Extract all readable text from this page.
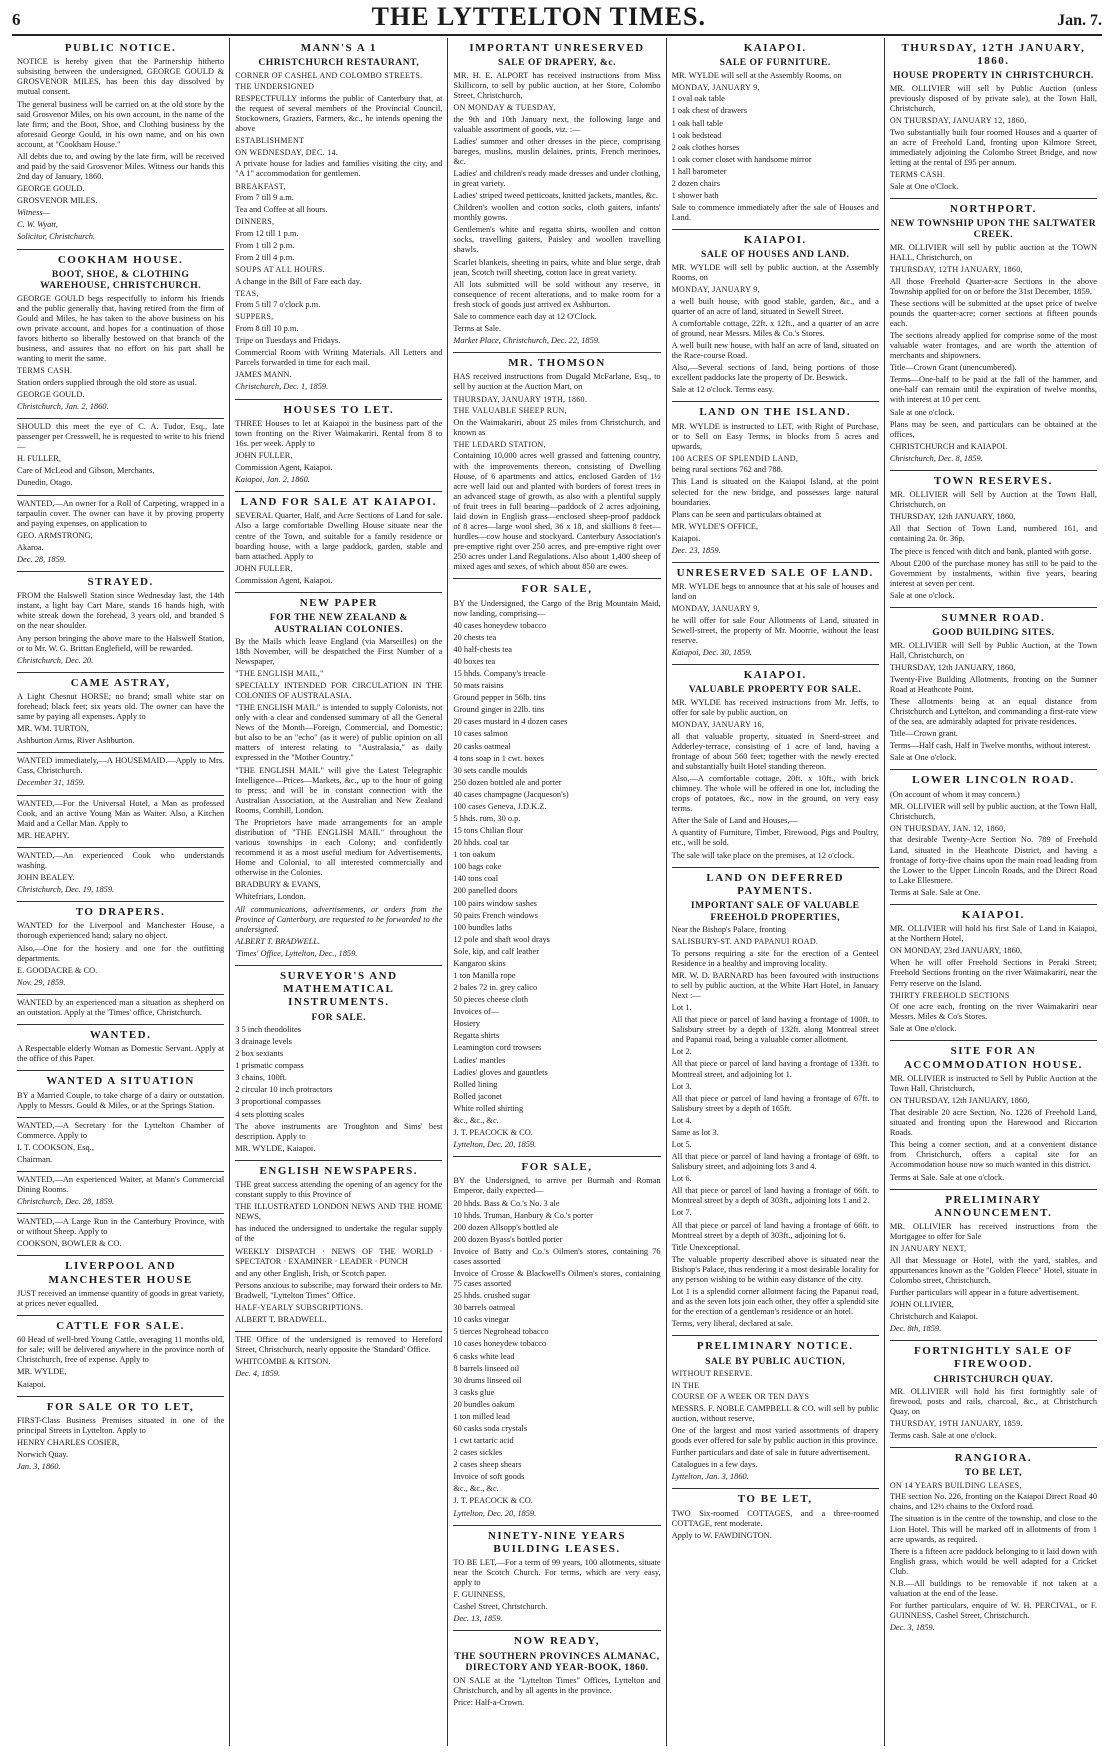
6	THE LYTTELTON TIMES.	Jan. 7.
PUBLIC NOTICE.

NOTICE is hereby given that the Partnership hitherto subsisting between the undersigned, GEORGE GOULD & GROSVENOR MILES, has been this day dissolved by mutual consent.

The general business will be carried on at the old store by the said Grosvenor Miles, on his own account, in the name of the late firm; and the Boot, Shoe, and Clothing business by the aforesaid George Gould, in his own name, and on his own account, at "Cookham House."

All debts due to, and owing by the late firm, will be received and paid by the said Grosvenor Miles. Witness our hands this 2nd day of January, 1860.

GEORGE GOULD.

GROSVENOR MILES.

Witness—

C. W. Wyatt,

Solicitor, Christchurch.

COOKHAM HOUSE.
BOOT, SHOE, & CLOTHING WAREHOUSE, CHRISTCHURCH.

GEORGE GOULD begs respectfully to inform his friends and the public generally that, having retired from the firm of Gould and Miles, he has taken to the above business on his own private account, and hopes for a continuation of those favors hitherto so liberally bestowed on that branch of the business, and assures that no effort on his part shall be wanting to merit the same.

TERMS CASH.

Station orders supplied through the old store as usual.

GEORGE GOULD.

Christchurch, Jan. 2, 1860.

SHOULD this meet the eye of C. A. Tudor, Esq., late passenger per Cresswell, he is requested to write to his friend—

H. FULLER,

Care of McLeod and Gibson, Merchants,

Dunedin, Otago.

WANTED,—An owner for a Roll of Carpeting, wrapped in a tarpaulin cover. The owner can have it by proving property and paying expenses, on application to

GEO. ARMSTRONG,

Akaroa.

Dec. 28, 1859.

STRAYED.

FROM the Halswell Station since Wednesday last, the 14th instant, a light bay Cart Mare, stands 16 hands high, with white streak down the forehead, 3 years old, and branded S on the near shoulder.

Any person bringing the above mare to the Halswell Station, or to Mr. W. G. Brittan Englefield, will be rewarded.

Christchurch, Dec. 20.

CAME ASTRAY,

A Light Chesnut HORSE; no brand; small white star on forehead; black feet; six years old. The owner can have the same by paying all expenses. Apply to

MR. WM. TURTON,

Ashburton Arms, River Ashburton.

WANTED immediately,—A HOUSEMAID.—Apply to Mrs. Cass, Christchurch.

December 31, 1859.

WANTED,—For the Universal Hotel, a Man as professed Cook, and an active Young Man as Waiter. Also, a Kitchen Maid and a Cellar Man. Apply to

MR. HEAPHY.

WANTED,—An experienced Cook who understands washing.

JOHN BEALEY.

Christchurch, Dec. 19, 1859.

TO DRAPERS.

WANTED for the Liverpool and Manchester House, a thorough experienced hand; salary no object.

Also,—One for the hosiery and one for the outfitting departments.

E. GOODACRE & CO.

Nov. 29, 1859.

WANTED by an experienced man a situation as shepherd on an outstation. Apply at the 'Times' office, Christchurch.

WANTED.

A Respectable elderly Woman as Domestic Servant. Apply at the office of this Paper.

WANTED A SITUATION

BY a Married Couple, to take charge of a dairy or outstation. Apply to Messrs. Gould & Miles, or at the Springs Station.

WANTED,—A Secretary for the Lyttelton Chamber of Commerce. Apply to

I. T. COOKSON, Esq.,

Chairman.

WANTED,—An experienced Waiter, at Mann's Commercial Dining Rooms.

Christchurch, Dec. 28, 1859.

WANTED,—A Large Run in the Canterbury Province, with or without Sheep. Apply to

COOKSON, BOWLER & CO.

LIVERPOOL AND MANCHESTER HOUSE

JUST received an immense quantity of goods in great variety, at prices never equalled.

CATTLE FOR SALE.

60 Head of well-bred Young Cattle, averaging 11 months old, for sale; will be delivered anywhere in the province north of Christchurch, free of expense. Apply to

MR. WYLDE,

Kaiapoi.

FOR SALE OR TO LET,

FIRST-Class Business Premises situated in one of the principal Streets in Lyttelton. Apply to

HENRY CHARLES COSIER,

Norwich Quay.

Jan. 3, 1860.

MANN'S A 1
CHRISTCHURCH RESTAURANT,

CORNER OF CASHEL AND COLOMBO STREETS.

THE UNDERSIGNED

RESPECTFULLY informs the public of Canterbury that, at the request of several members of the Provincial Council, Stockowners, Graziers, Farmers, &c., he intends opening the above

ESTABLISHMENT

ON WEDNESDAY, DEC. 14.

A private house for ladies and families visiting the city, and "A 1" accommodation for gentlemen.

BREAKFAST,

From 7 till 9 a.m.

Tea and Coffee at all hours.

DINNERS,

From 12 till 1 p.m.

From 1 till 2 p.m.

From 2 till 4 p.m.

SOUPS AT ALL HOURS.

A change in the Bill of Fare each day.

TEAS,

From 5 till 7 o'clock p.m.

SUPPERS,

From 8 till 10 p.m.

Tripe on Tuesdays and Fridays.

Commercial Room with Writing Materials. All Letters and Parcels forwarded in time for each mail.

JAMES MANN.

Christchurch, Dec. 1, 1859.

HOUSES TO LET.

THREE Houses to let at Kaiapoi in the business part of the town fronting on the River Waimakariri. Rental from 8 to 16s. per week. Apply to

JOHN FULLER,

Commission Agent, Kaiapoi.

Kaiapoi, Jan. 2, 1860.

LAND FOR SALE AT KAIAPOI.

SEVERAL Quarter, Half, and Acre Sections of Land for sale. Also a large comfortable Dwelling House situate near the centre of the Town, and suitable for a family residence or boarding house, with a large paddock, garden, stable and barn attached. Apply to

JOHN FULLER,

Commission Agent, Kaiapoi.

NEW PAPER
FOR THE NEW ZEALAND & AUSTRALIAN COLONIES.

By the Mails which leave England (via Marseilles) on the 18th November, will be despatched the First Number of a Newspaper,

"THE ENGLISH MAIL,"

SPECIALLY INTENDED FOR CIRCULATION IN THE COLONIES OF AUSTRALASIA.

"THE ENGLISH MAIL" is intended to supply Colonists, not only with a clear and condensed summary of all the General News of the Month—Foreign, Commercial, and Domestic; but also to be an "echo" (as it were) of public opinion on all matters of interest relating to "Australasia," as daily expressed in the "Mother Country."

"THE ENGLISH MAIL" will give the Latest Telegraphic Intelligence—Prices—Markets, &c., up to the hour of going to press; and will be in constant connection with the Australian Association, at the Australian and New Zealand Rooms, Cornhill, London.

The Proprietors have made arrangements for an ample distribution of "THE ENGLISH MAIL" throughout the various townships in each Colony; and confidently recommend it as a most useful medium for Advertisements, Home and Colonial, to all interested commercially and otherwise in the Colonies.

BRADBURY & EVANS,

Whitefriars, London.

All communications, advertisements, or orders from the Province of Canterbury, are requested to be forwarded to the undersigned.

ALBERT T. BRADWELL.

'Times' Office, Lyttelton, Dec., 1859.

SURVEYOR'S AND MATHEMATICAL INSTRUMENTS.
FOR SALE.

3 5 inch theodolites

3 drainage levels

2 box sextants

1 prismatic compass

3 chains, 100ft.

2 circular 10 inch protractors

3 proportional compasses

4 sets plotting scales

The above instruments are Troughton and Sims' best description. Apply to

MR. WYLDE, Kaiapoi.

ENGLISH NEWSPAPERS.

THE great success attending the opening of an agency for the constant supply to this Province of

THE ILLUSTRATED LONDON NEWS AND THE HOME NEWS,

has induced the undersigned to undertake the regular supply of the

WEEKLY DISPATCH · NEWS OF THE WORLD · SPECTATOR · EXAMINER · LEADER · PUNCH

and any other English, Irish, or Scotch paper.

Persons anxious to subscribe, may forward their orders to Mr. Bradwell, "Lyttelton Times" Office.

HALF-YEARLY SUBSCRIPTIONS.

ALBERT T. BRADWELL.

THE Office of the undersigned is removed to Hereford Street, Christchurch, nearly opposite the 'Standard' Office.

WHITCOMBE & KITSON.

Dec. 4, 1859.

IMPORTANT UNRESERVED
SALE OF DRAPERY, &c.

MR. H. E. ALPORT has received instructions from Miss Skillicorn, to sell by public auction, at her Store, Colombo Street, Christchurch,

ON MONDAY & TUESDAY,

the 9th and 10th January next, the following large and valuable assortment of goods, viz. :—

Ladies' summer and other dresses in the piece, comprising bareges, muslins, muslin delaines, prints, French merinoes, &c.

Ladies' and children's ready made dresses and under clothing, in great variety.

Ladies' striped tweed petticoats, knitted jackets, mantles, &c.

Children's woollen and cotton socks, cloth gaiters, infants' monthly gowns.

Gentlemen's white and regatta shirts, woollen and cotton socks, travelling gaiters, Paisley and woollen travelling shawls.

Scarlet blankets, sheeting in pairs, white and blue serge, drab jean, Scotch twill sheeting, cotton lace in great variety.

All lots submitted will be sold without any reserve, in consequence of recent alterations, and to make room for a fresh stock of goods just arrived ex Ashburton.

Sale to commence each day at 12 O'Clock.

Terms at Sale.

Market Place, Christchurch, Dec. 22, 1859.

MR. THOMSON

HAS received instructions from Dugald McFarlane, Esq., to sell by auction at the Auction Mart, on

THURSDAY, JANUARY 19TH, 1860.

THE VALUABLE SHEEP RUN,

On the Waimakariri, about 25 miles from Christchurch, and known as

THE LEDARD STATION,

Containing 10,000 acres well grassed and fattening country, with the improvements thereon, consisting of Dwelling House, of 6 apartments and attics, enclosed Garden of 1½ acre well laid out and planted with borders of forest trees in an advanced stage of growth, as also with a plentiful supply of fruit trees in full bearing—paddock of 2 acres adjoining, laid down in English grass—enclosed sheep-proof paddock of 8 acres—large wool shed, 36 x 18, and skillions 8 feet—hurdles—cow house and stockyard. Canterbury Association's pre-emptive right over 250 acres, and pre-emptive right over 250 acres under Land Regulations. Also about 1,400 sheep of mixed ages and sexes, of which about 850 are ewes.

FOR SALE,

BY the Undersigned, the Cargo of the Brig Mountain Maid, now landing, comprising—

40 cases honeydew tobacco

20 chests tea

40 half-chests tea

40 boxes tea

15 hhds. Company's treacle

50 mats raisins

Ground pepper in 56lb. tins

Ground ginger in 22lb. tins

20 cases mustard in 4 dozen cases

10 cases salmon

20 casks oatmeal

4 tons soap in 1 cwt. boxes

30 sets candle moulds

250 dozen bottled ale and porter

40 cases champagne (Jacqueson's)

100 cases Geneva, J.D.K.Z.

5 hhds. rum, 30 o.p.

15 tons Chilian flour

20 hhds. coal tar

1 ton oakum

100 bags coke

140 tons coal

200 panelled doors

100 pairs window sashes

50 pairs French windows

100 bundles laths

12 pole and shaft wool drays

Sole, kip, and calf leather

Kangaroo skins

1 ton Manilla rope

2 bales 72 in. grey calico

50 pieces cheese cloth

Invoices of—

Hosiery

Regatta shirts

Leamington cord trowsers

Ladies' mantles

Ladies' gloves and gauntlets

Rolled lining

Rolled jaconet

White rolled shirting

&c., &c., &c.

J. T. PEACOCK & CO.

Lyttelton, Dec. 20, 1859.

FOR SALE,

BY the Undersigned, to arrive per Burmah and Roman Emperor, daily expected—

20 hhds. Bass & Co.'s No. 3 ale

10 hhds. Truman, Hanbury & Co.'s porter

200 dozen Allsopp's bottled ale

200 dozen Byass's bottled porter

Invoice of Batty and Co.'s Oilmen's stores, containing 76 cases assorted

Invoice of Crosse & Blackwell's Oilmen's stores, containing 75 cases assorted

25 hhds. crushed sugar

30 barrels oatmeal

10 casks vinegar

5 tierces Negrohead tobacco

10 cases honeydew tobacco

6 casks white lead

8 barrels linseed oil

30 drums linseed oil

3 casks glue

20 bundles oakum

1 ton milled lead

60 casks soda crystals

1 cwt tartaric acid

2 cases sickles

2 cases sheep shears

Invoice of soft goods

&c., &c., &c.

J. T. PEACOCK & CO.

Lyttelton, Dec. 20, 1859.

NINETY-NINE YEARS BUILDING LEASES.

TO BE LET,—For a term of 99 years, 100 allotments, situate near the Scotch Church. For terms, which are very easy, apply to

F. GUINNESS,

Cashel Street, Christchurch.

Dec. 13, 1859.

NOW READY,
THE SOUTHERN PROVINCES ALMANAC, DIRECTORY AND YEAR-BOOK, 1860.

ON SALE at the "Lyttelton Times" Offices, Lyttelton and Christchurch, and by all agents in the province.

Price: Half-a-Crown.

KAIAPOI.
SALE OF FURNITURE.

MR. WYLDE will sell at the Assembly Rooms, on

MONDAY, JANUARY 9,

1 oval oak table

1 oak chest of drawers

1 oak hall table

1 oak bedstead

2 oak clothes horses

1 oak corner closet with handsome mirror

1 hall barometer

2 dozen chairs

1 shower bath

Sale to commence immediately after the sale of Houses and Land.

KAIAPOI.
SALE OF HOUSES AND LAND.

MR. WYLDE will sell by public auction, at the Assembly Rooms, on

MONDAY, JANUARY 9,

a well built house, with good stable, garden, &c., and a quarter of an acre of land, situated in Sewell Street.

A comfortable cottage, 22ft. x 12ft., and a quarter of an acre of ground, near Messrs. Miles & Co.'s Stores.

A well built new house, with half an acre of land, situated on the Race-course Road.

Also,—Several sections of land, being portions of those excellent paddocks late the property of Dr. Beswick.

Sale at 12 o'clock. Terms easy.

LAND ON THE ISLAND.

MR. WYLDE is instructed to LET, with Right of Purchase, or to Sell on Easy Terms, in blocks from 5 acres and upwards,

100 ACRES OF SPLENDID LAND,

being rural sections 762 and 788.

This Land is situated on the Kaiapoi Island, at the point selected for the new bridge, and possesses large natural boundaries.

Plans can be seen and particulars obtained at

MR. WYLDE'S OFFICE,

Kaiapoi.

Dec. 23, 1859.

UNRESERVED SALE OF LAND.

MR. WYLDE begs to announce that at his sale of houses and land on

MONDAY, JANUARY 9,

he will offer for sale Four Allotments of Land, situated in Sewell-street, the property of Mr. Moorrie, without the least reserve.

Kaiapoi, Dec. 30, 1859.

KAIAPOI.
VALUABLE PROPERTY FOR SALE.

MR. WYLDE has received instructions from Mr. Jeffs, to offer for sale by public auction, on

MONDAY, JANUARY 16,

all that valuable property, situated in Snerd-street and Adderley-terrace, consisting of 1 acre of land, having a frontage of about 560 feet; together with the newly erected and substantially built Hotel standing thereon.

Also,—A comfortable cottage, 20ft. x 10ft., with brick chimney. The whole will be offered in one lot, including the crops of potatoes, &c., now in the ground, on very easy terms.

After the Sale of Land and Houses,—

A quantity of Furniture, Timber, Firewood, Pigs and Poultry, etc., will be sold.

The sale will take place on the premises, at 12 o'clock.

LAND ON DEFERRED PAYMENTS.
IMPORTANT SALE OF VALUABLE FREEHOLD PROPERTIES,

Near the Bishop's Palace, fronting

SALISBURY-ST. AND PAPANUI ROAD.

To persons requiring a site for the erection of a Genteel Residence in a healthy and improving locality.

MR. W. D. BARNARD has been favoured with instructions to sell by public auction, at the White Hart Hotel, in January Next :—

Lot 1.

All that piece or parcel of land having a frontage of 100ft. to Salisbury street by a depth of 132ft. along Montreal street and Papanui road, being a valuable corner allotment.

Lot 2.

All that piece or parcel of land having a frontage of 133ft. to Montreal street, and adjoining lot 1.

Lot 3.

All that piece or parcel of land having a frontage of 67ft. to Salisbury street by a depth of 165ft.

Lot 4.

Same as lot 3.

Lot 5.

All that piece or parcel of land having a frontage of 69ft. to Salisbury street, and adjoining lots 3 and 4.

Lot 6.

All that piece or parcel of land having a frontage of 66ft. to Montreal street by a depth of 303ft., adjoining lots 1 and 2.

Lot 7.

All that piece or parcel of land having a frontage of 66ft. to Montreal street by a depth of 303ft., adjoining lot 6.

Title Unexceptional.

The valuable property described above is situated near the Bishop's Palace, thus rendering it a most desirable locality for any person wishing to be within easy distance of the city.

Lot 1 is a splendid corner allotment facing the Papanui road, and as the seven lots join each other, they offer a splendid site for the erection of a gentleman's residence or an hotel.

Terms, very liberal, declared at sale.

PRELIMINARY NOTICE.
SALE BY PUBLIC AUCTION,

WITHOUT RESERVE.

IN THE

COURSE OF A WEEK OR TEN DAYS

MESSRS. F. NOBLE CAMPBELL & CO. will sell by public auction, without reserve,

One of the largest and most varied assortments of drapery goods ever offered for sale by public auction in this province.

Further particulars and date of sale in future advertisement.

Catalogues in a few days.

Lyttelton, Jan. 3, 1860.

TO BE LET,

TWO Six-roomed COTTAGES, and a three-roomed COTTAGE, rent moderate.

Apply to W. FAWDINGTON.

THURSDAY, 12TH JANUARY, 1860.
HOUSE PROPERTY IN CHRISTCHURCH.

MR. OLLIVIER will sell by Public Auction (unless previously disposed of by private sale), at the Town Hall, Christchurch,

ON THURSDAY, JANUARY 12, 1860,

Two substantially built four roomed Houses and a quarter of an acre of Freehold Land, fronting upon Kilmore Street, immediately adjoining the Colombo Street Bridge, and now letting at the rental of £95 per annum.

TERMS CASH.

Sale at One o'Clock.

NORTHPORT.
NEW TOWNSHIP UPON THE SALTWATER CREEK.

MR. OLLIVIER will sell by public auction at the TOWN HALL, Christchurch, on

THURSDAY, 12TH JANUARY, 1860,

All those Freehold Quarter-acre Sections in the above Township applied for on or before the 31st December, 1859.

These sections will be submitted at the upset price of twelve pounds the quarter-acre; corner sections at fifteen pounds each.

The sections already applied for comprise some of the most valuable water frontages, and are worth the attention of merchants and shipowners.

Title—Crown Grant (unencumbered).

Terms—One-half to be paid at the fall of the hammer, and one-half can remain until the expiration of twelve months, with interest at 10 per cent.

Sale at one o'clock.

Plans may be seen, and particulars can be obtained at the offices,

CHRISTCHURCH and KAIAPOI.

Christchurch, Dec. 8, 1859.

TOWN RESERVES.

MR. OLLIVIER will Sell by Auction at the Town Hall, Christchurch, on

THURSDAY, 12th JANUARY, 1860,

All that Section of Town Land, numbered 161, and containing 2a. 0r. 36p.

The piece is fenced with ditch and bank, planted with gorse.

About £200 of the purchase money has still to be paid to the Government by instalments, within five years, bearing interest at seven per cent.

Sale at one o'clock.

SUMNER ROAD.
GOOD BUILDING SITES.

MR. OLLIVIER will Sell by Public Auction, at the Town Hall, Christchurch, on

THURSDAY, 12th JANUARY, 1860,

Twenty-Five Building Allotments, fronting on the Sumner Road at Heathcote Point.

These allotments being at an equal distance from Christchurch and Lyttelton, and commanding a first-rate view of the sea, are admirably adapted for private residences.

Title—Crown grant.

Terms—Half cash, Half in Twelve months, without interest.

Sale at One o'clock.

LOWER LINCOLN ROAD.

(On account of whom it may concern.)

MR. OLLIVIER will sell by public auction, at the Town Hall, Christchurch,

ON THURSDAY, JAN. 12, 1860,

that desirable Twenty-Acre Section No. 789 of Freehold Land, situated in the Heathcote District, and having a frontage of forty-five chains upon the main road leading from the Lower to the Upper Lincoln Roads, and the Direct Road to Lake Ellesmere.

Terms at Sale. Sale at One.

KAIAPOI.

MR. OLLIVIER will hold his first Sale of Land in Kaiapoi, at the Northern Hotel,

ON MONDAY, 23rd JANUARY, 1860,

When he will offer Freehold Sections in Peraki Street; Freehold Sections fronting on the river Waimakariri, near the Ferry reserve on the Island.

THIRTY FREEHOLD SECTIONS

Of one acre each, fronting on the river Waimakariri near Messrs. Miles & Co's Stores.

Sale at One o'clock.

SITE FOR AN ACCOMMODATION HOUSE.

MR. OLLIVIER is instructed to Sell by Public Auction at the Town Hall, Christchurch,

ON THURSDAY, 12th JANUARY, 1860,

That desirable 20 acre Section, No. 1226 of Freehold Land, situated and fronting upon the Harewood and Riccarton Roads.

This being a corner section, and at a convenient distance from Christchurch, offers a capital site for an Accommodation house now so much wanted in this district.

Terms at Sale. Sale at one o'clock.

PRELIMINARY ANNOUNCEMENT.

MR. OLLIVIER has received instructions from the Mortgagee to offer for Sale

IN JANUARY NEXT,

All that Messuage or Hotel, with the yard, stables, and appurtenances known as the "Golden Fleece" Hotel, situate in Colombo street, Christchurch.

Further particulars will appear in a future advertisement.

JOHN OLLIVIER,

Christchurch and Kaiapoi.

Dec. 8th, 1859.

FORTNIGHTLY SALE OF FIREWOOD.
CHRISTCHURCH QUAY.

MR. OLLIVIER will hold his first fortnightly sale of firewood, posts and rails, charcoal, &c., at Christchurch Quay, on

THURSDAY, 19TH JANUARY, 1859.

Terms cash. Sale at one o'clock.

RANGIORA.
TO BE LET,

ON 14 YEARS BUILDING LEASES,

THE section No. 226, fronting on the Kaiapoi Direct Road 40 chains, and 12½ chains to the Oxford road.

The situation is in the centre of the township, and close to the Lion Hotel. This will be marked off in allotments of from 1 acre upwards, as required.

There is a fifteen acre paddock belonging to it laid down with English grass, which would be well adapted for a Cricket Club.

N.B.—All buildings to be removable if not taken at a valuation at the end of the lease.

For further particulars, enquire of W. H. PERCIVAL, or F. GUINNESS, Cashel Street, Christchurch.

Dec. 3, 1859.
